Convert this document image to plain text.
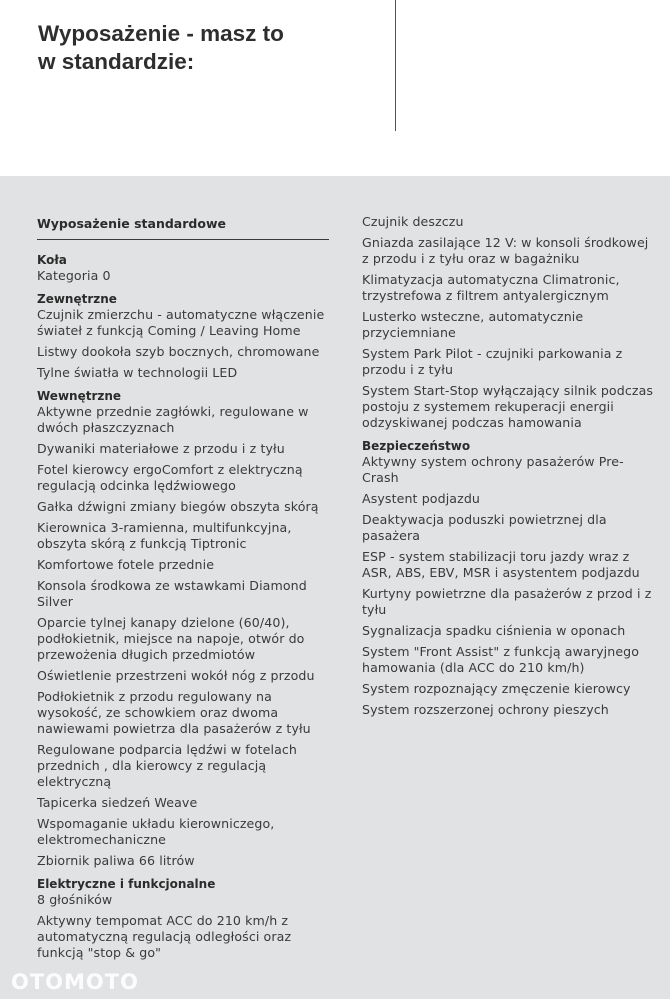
Wyposażenie - masz to
w standardzie:
Wyposażenie standardowe
Koła
Kategoria 0
Zewnętrzne
Czujnik zmierzchu - automatyczne włączenie świateł z funkcją Coming / Leaving Home
Listwy dookoła szyb bocznych, chromowane
Tylne światła w technologii LED
Wewnętrzne
Aktywne przednie zagłówki, regulowane w dwóch płaszczyznach
Dywaniki materiałowe z przodu i z tyłu
Fotel kierowcy ergoComfort z elektryczną regulacją odcinka lędźwiowego
Gałka dźwigni zmiany biegów obszyta skórą
Kierownica 3-ramienna, multifunkcyjna, obszyta skórą z funkcją Tiptronic
Komfortowe fotele przednie
Konsola środkowa ze wstawkami Diamond Silver
Oparcie tylnej kanapy dzielone (60/40), podłokietnik, miejsce na napoje, otwór do przewożenia długich przedmiotów
Oświetlenie przestrzeni wokół nóg z przodu
Podłokietnik z przodu regulowany na wysokość, ze schowkiem oraz dwoma nawiewami powietrza dla pasażerów z tyłu
Regulowane podparcia lędźwi w fotelach przednich , dla kierowcy z regulacją elektryczną
Tapicerka siedzeń Weave
Wspomaganie układu kierowniczego, elektromechaniczne
Zbiornik paliwa 66 litrów
Elektryczne i funkcjonalne
8 głośników
Aktywny tempomat ACC do 210 km/h z automatyczną regulacją odległości oraz funkcją "stop & go"
Czujnik deszczu
Gniazda zasilające 12 V: w konsoli środkowej z przodu i z tyłu oraz w bagażniku
Klimatyzacja automatyczna Climatronic, trzystrefowa z filtrem antyalergicznym
Lusterko wsteczne, automatycznie przyciemniane
System Park Pilot - czujniki parkowania z przodu i z tyłu
System Start-Stop wyłączający silnik podczas postoju z systemem rekuperacji energii odzyskiwanej podczas hamowania
Bezpieczeństwo
Aktywny system ochrony pasażerów Pre-Crash
Asystent podjazdu
Deaktywacja poduszki powietrznej dla pasażera
ESP - system stabilizacji toru jazdy wraz z ASR, ABS, EBV, MSR i asystentem podjazdu
Kurtyny powietrzne dla pasażerów z przod i z tyłu
Sygnalizacja spadku ciśnienia w oponach
System "Front Assist" z funkcją awaryjnego hamowania (dla ACC do 210 km/h)
System rozpoznający zmęczenie kierowcy
System rozszerzonej ochrony pieszych
OTOMOTO
